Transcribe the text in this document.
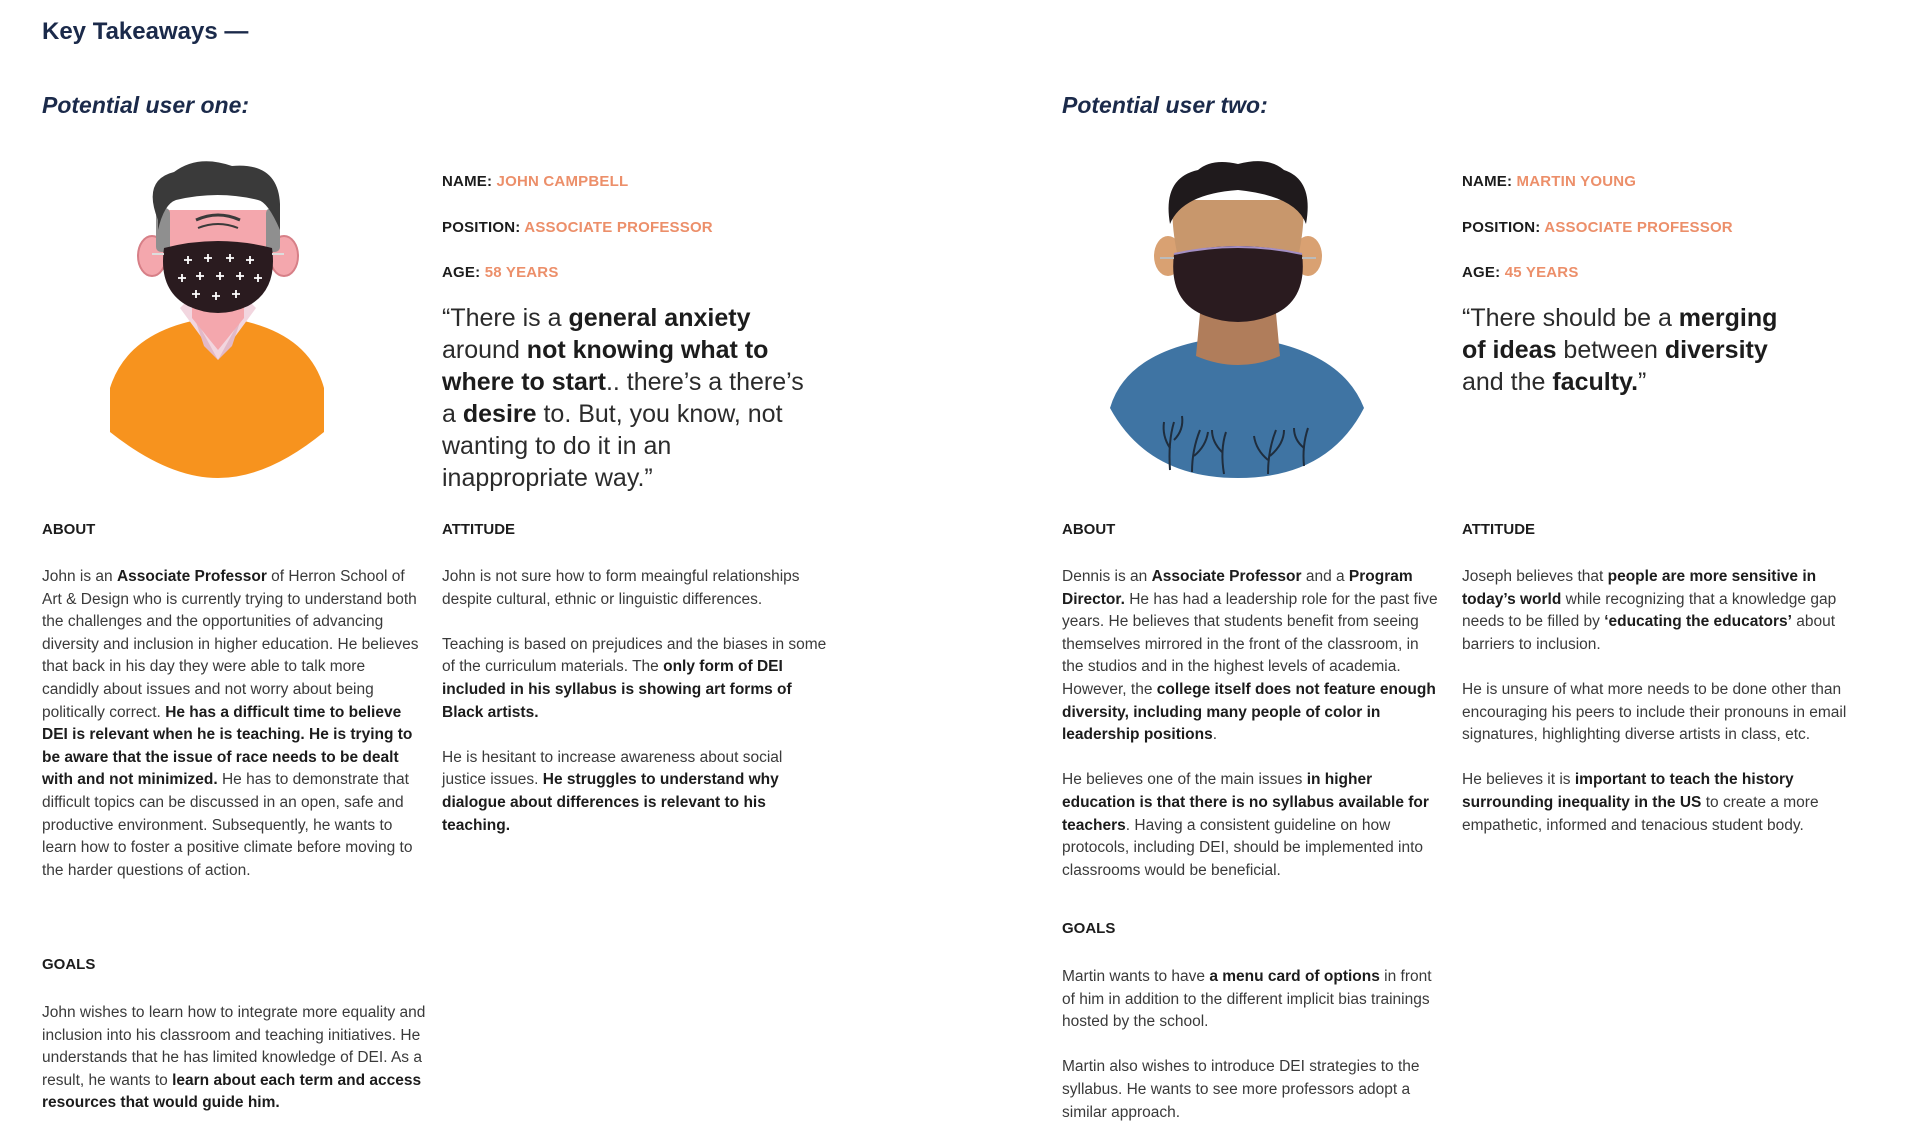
Key Takeaways —
Potential user one:
NAME: JOHN CAMPBELL
POSITION: ASSOCIATE PROFESSOR
AGE: 58 YEARS
“There is a general anxiety around not knowing what to where to start.. there’s a there’s a desire to. But, you know, not wanting to do it in an inappropriate way.”
ABOUT

John is an Associate Professor of Herron School of Art & Design who is currently trying to understand both the challenges and the opportunities of advancing diversity and inclusion in higher education. He believes that back in his day they were able to talk more candidly about issues and not worry about being politically correct. He has a difficult time to believe DEI is relevant when he is teaching. He is trying to be aware that the issue of race needs to be dealt with and not minimized. He has to demonstrate that difficult topics can be discussed in an open, safe and productive environment. Subsequently, he wants to learn how to foster a positive climate before moving to the harder questions of action.

GOALS

John wishes to learn how to integrate more equality and inclusion into his classroom and teaching initiatives. He understands that he has limited knowledge of DEI. As a result, he wants to learn about each term and access resources that would guide him.

ATTITUDE

John is not sure how to form meaingful relationships despite cultural, ethnic or linguistic differences.

Teaching is based on prejudices and the biases in some of the curriculum materials. The only form of DEI included in his syllabus is showing art forms of Black artists.

He is hesitant to increase awareness about social justice issues. He struggles to understand why dialogue about differences is relevant to his teaching.

Potential user two:
NAME: MARTIN YOUNG
POSITION: ASSOCIATE PROFESSOR
AGE: 45 YEARS
“There should be a merging of ideas between diversity and the faculty.”
ABOUT

Dennis is an Associate Professor and a Program Director. He has had a leadership role for the past five years. He believes that students benefit from seeing themselves mirrored in the front of the classroom, in the studios and in the highest levels of academia. However, the college itself does not feature enough diversity, including many people of color in leadership positions.

He believes one of the main issues in higher education is that there is no syllabus available for teachers. Having a consistent guideline on how protocols, including DEI, should be implemented into classrooms would be beneficial.

GOALS

Martin wants to have a menu card of options in front of him in addition to the different implicit bias trainings hosted by the school.

Martin also wishes to introduce DEI strategies to the syllabus. He wants to see more professors adopt a similar approach.

ATTITUDE

Joseph believes that people are more sensitive in today’s world while recognizing that a knowledge gap needs to be filled by ‘educating the educators’ about barriers to inclusion.

He is unsure of what more needs to be done other than encouraging his peers to include their pronouns in email signatures, highlighting diverse artists in class, etc.

He believes it is important to teach the history surrounding inequality in the US to create a more empathetic, informed and tenacious student body.
